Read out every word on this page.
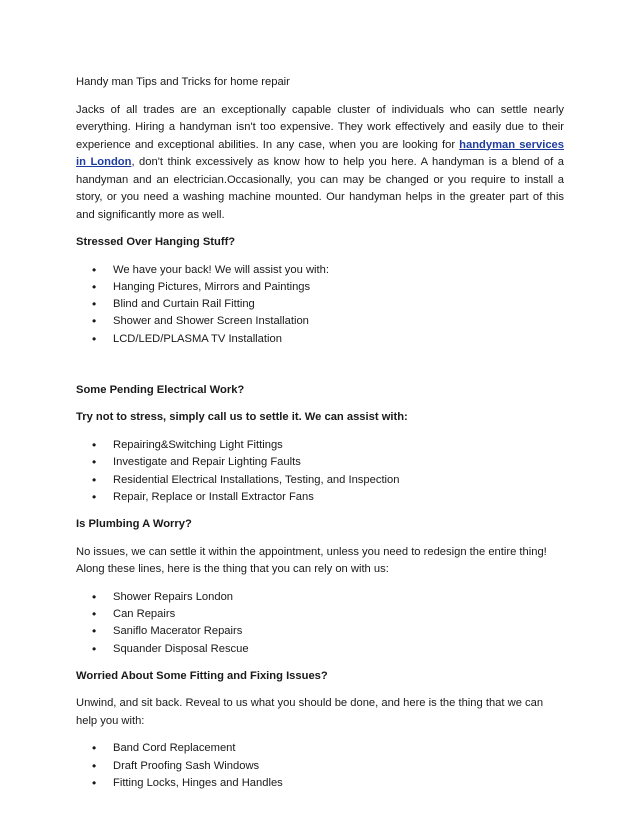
Handy man Tips and Tricks for home repair

Jacks of all trades are an exceptionally capable cluster of individuals who can settle nearly everything. Hiring a handyman isn't too expensive. They work effectively and easily due to their experience and exceptional abilities. In any case, when you are looking for handyman services in London, don't think excessively as know how to help you here. A handyman is a blend of a handyman and an electrician.Occasionally, you can may be changed or you require to install a story, or you need a washing machine mounted. Our handyman helps in the greater part of this and significantly more as well.

Stressed Over Hanging Stuff?

• We have your back! We will assist you with:
• Hanging Pictures, Mirrors and Paintings
• Blind and Curtain Rail Fitting
• Shower and Shower Screen Installation
• LCD/LED/PLASMA TV Installation

Some Pending Electrical Work?

Try not to stress, simply call us to settle it. We can assist with:

• Repairing&Switching Light Fittings
• Investigate and Repair Lighting Faults
• Residential Electrical Installations, Testing, and Inspection
• Repair, Replace or Install Extractor Fans

Is Plumbing A Worry?

No issues, we can settle it within the appointment, unless you need to redesign the entire thing! Along these lines, here is the thing that you can rely on with us:

• Shower Repairs London
• Can Repairs
• Saniflo Macerator Repairs
• Squander Disposal Rescue

Worried About Some Fitting and Fixing Issues?

Unwind, and sit back. Reveal to us what you should be done, and here is the thing that we can help you with:

• Band Cord Replacement
• Draft Proofing Sash Windows
• Fitting Locks, Hinges and Handles
